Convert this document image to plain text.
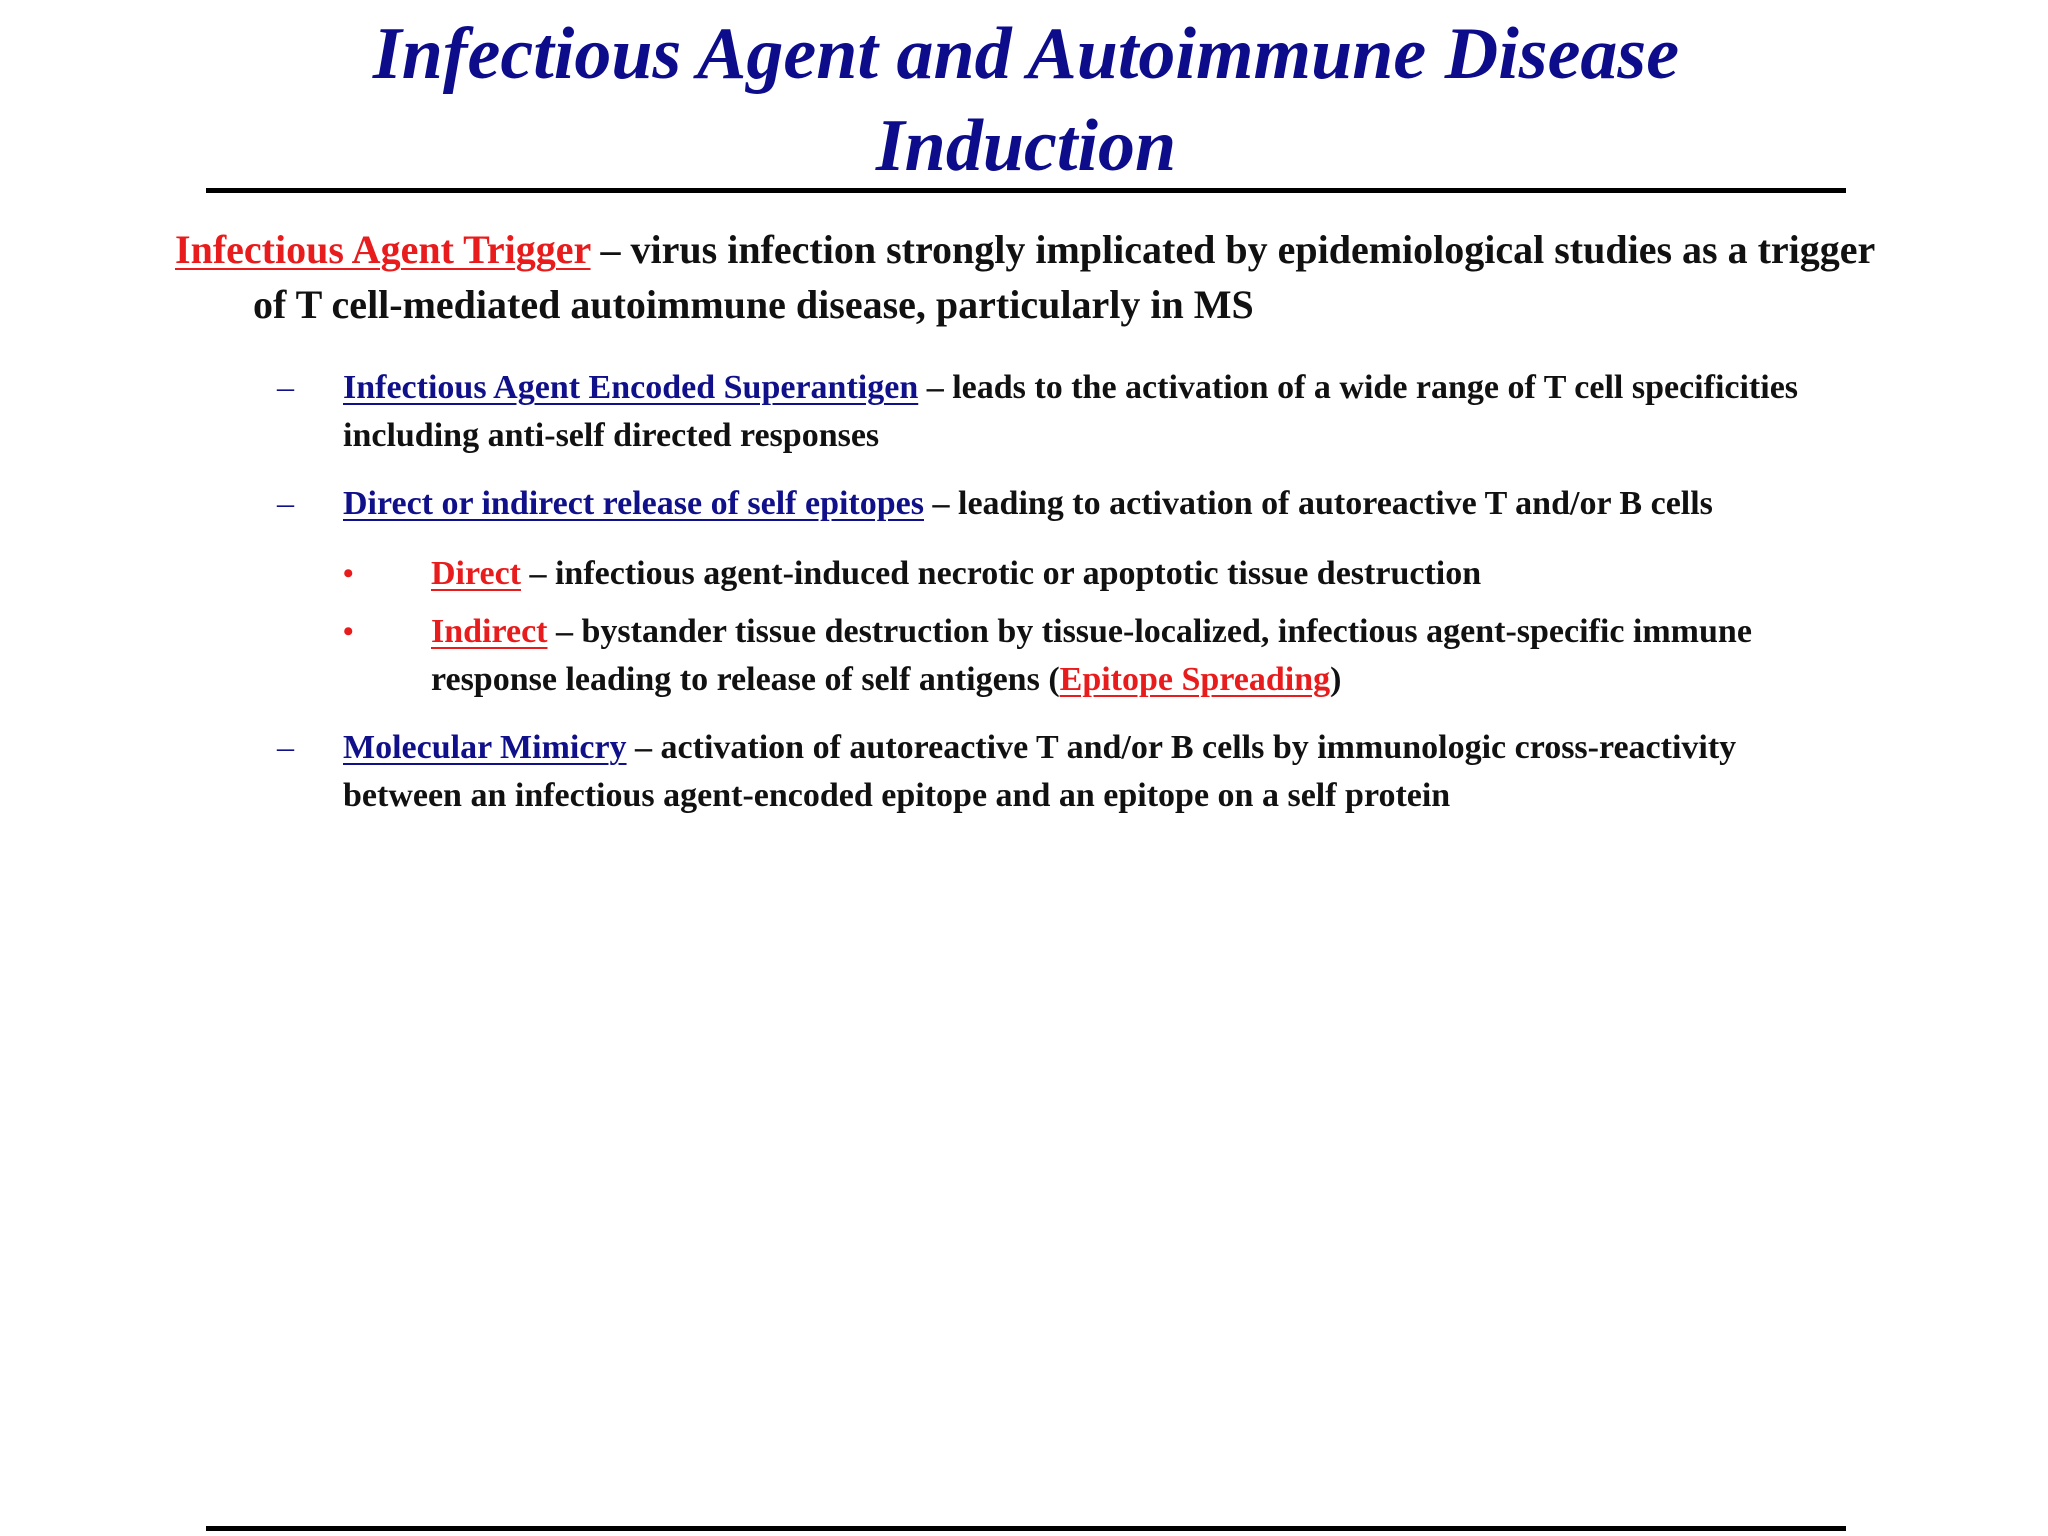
Infectious Agent and Autoimmune Disease
Induction

Infectious Agent Trigger – virus infection strongly implicated by epidemiological studies as a trigger of T cell-mediated autoimmune disease, particularly in MS

– Infectious Agent Encoded Superantigen – leads to the activation of a wide range of T cell specificities including anti-self directed responses
– Direct or indirect release of self epitopes – leading to activation of autoreactive T and/or B cells
•	Direct – infectious agent-induced necrotic or apoptotic tissue destruction
•	Indirect – bystander tissue destruction by tissue-localized, infectious agent-specific immune response leading to release of self antigens (Epitope Spreading)
– Molecular Mimicry – activation of autoreactive T and/or B cells by immunologic cross-reactivity between an infectious agent-encoded epitope and an epitope on a self protein
